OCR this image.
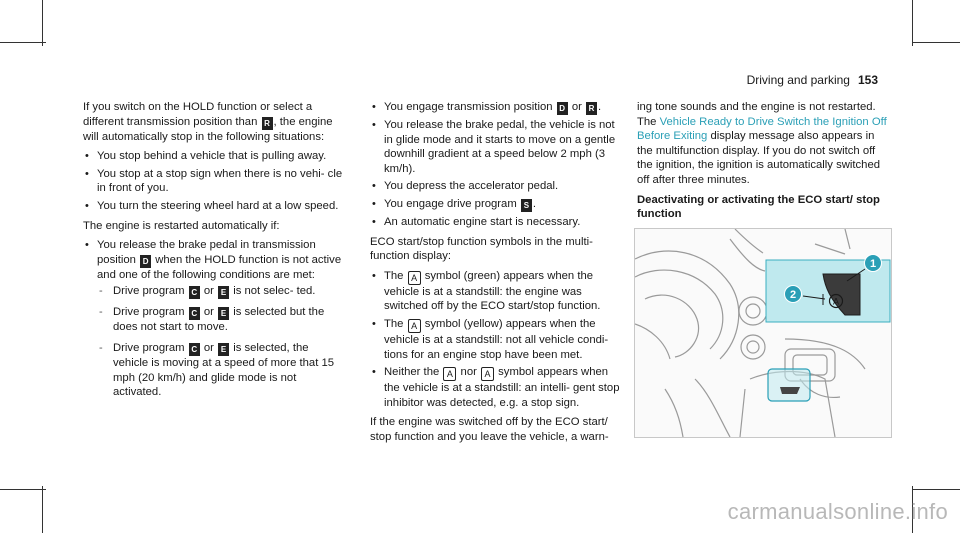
Driving and parking 153

If you switch on the HOLD function or select a different transmission position than R , the engine will automatically stop in the following situations:

• You stop behind a vehicle that is pulling away.
• You stop at a stop sign when there is no vehi- cle in front of you.
• You turn the steering wheel hard at a low speed.

The engine is restarted automatically if:

• You release the brake pedal in transmission position D when the HOLD function is not active and one of the following conditions are met:
- Drive program C or E is not selec- ted.
- Drive program C or E is selected but the does not start to move.
- Drive program C or E is selected, the vehicle is moving at a speed of more that 15 mph (20 km/h) and glide mode is not activated.
• You engage transmission position D or R .
• You release the brake pedal, the vehicle is not in glide mode and it starts to move on a gentle downhill gradient at a speed below 2 mph (3 km/h).
• You depress the accelerator pedal.
• You engage drive program S .
• An automatic engine start is necessary.

ECO start/stop function symbols in the multi- function display:

• The A symbol (green) appears when the vehicle is at a standstill: the engine was switched off by the ECO start/stop function.
• The A symbol (yellow) appears when the vehicle is at a standstill: not all vehicle condi- tions for an engine stop have been met.
• Neither the A nor A symbol appears when the vehicle is at a standstill: an intelli- gent stop inhibitor was detected, e.g. a stop sign.

If the engine was switched off by the ECO start/ stop function and you leave the vehicle, a warn-

ing tone sounds and the engine is not restarted. The Vehicle Ready to Drive Switch the Ignition Off Before Exiting display message also appears in the multifunction display. If you do not switch off the ignition, the ignition is automatically switched off after three minutes.

Deactivating or activating the ECO start/ stop function
A
1
2
carmanualsonline.info
